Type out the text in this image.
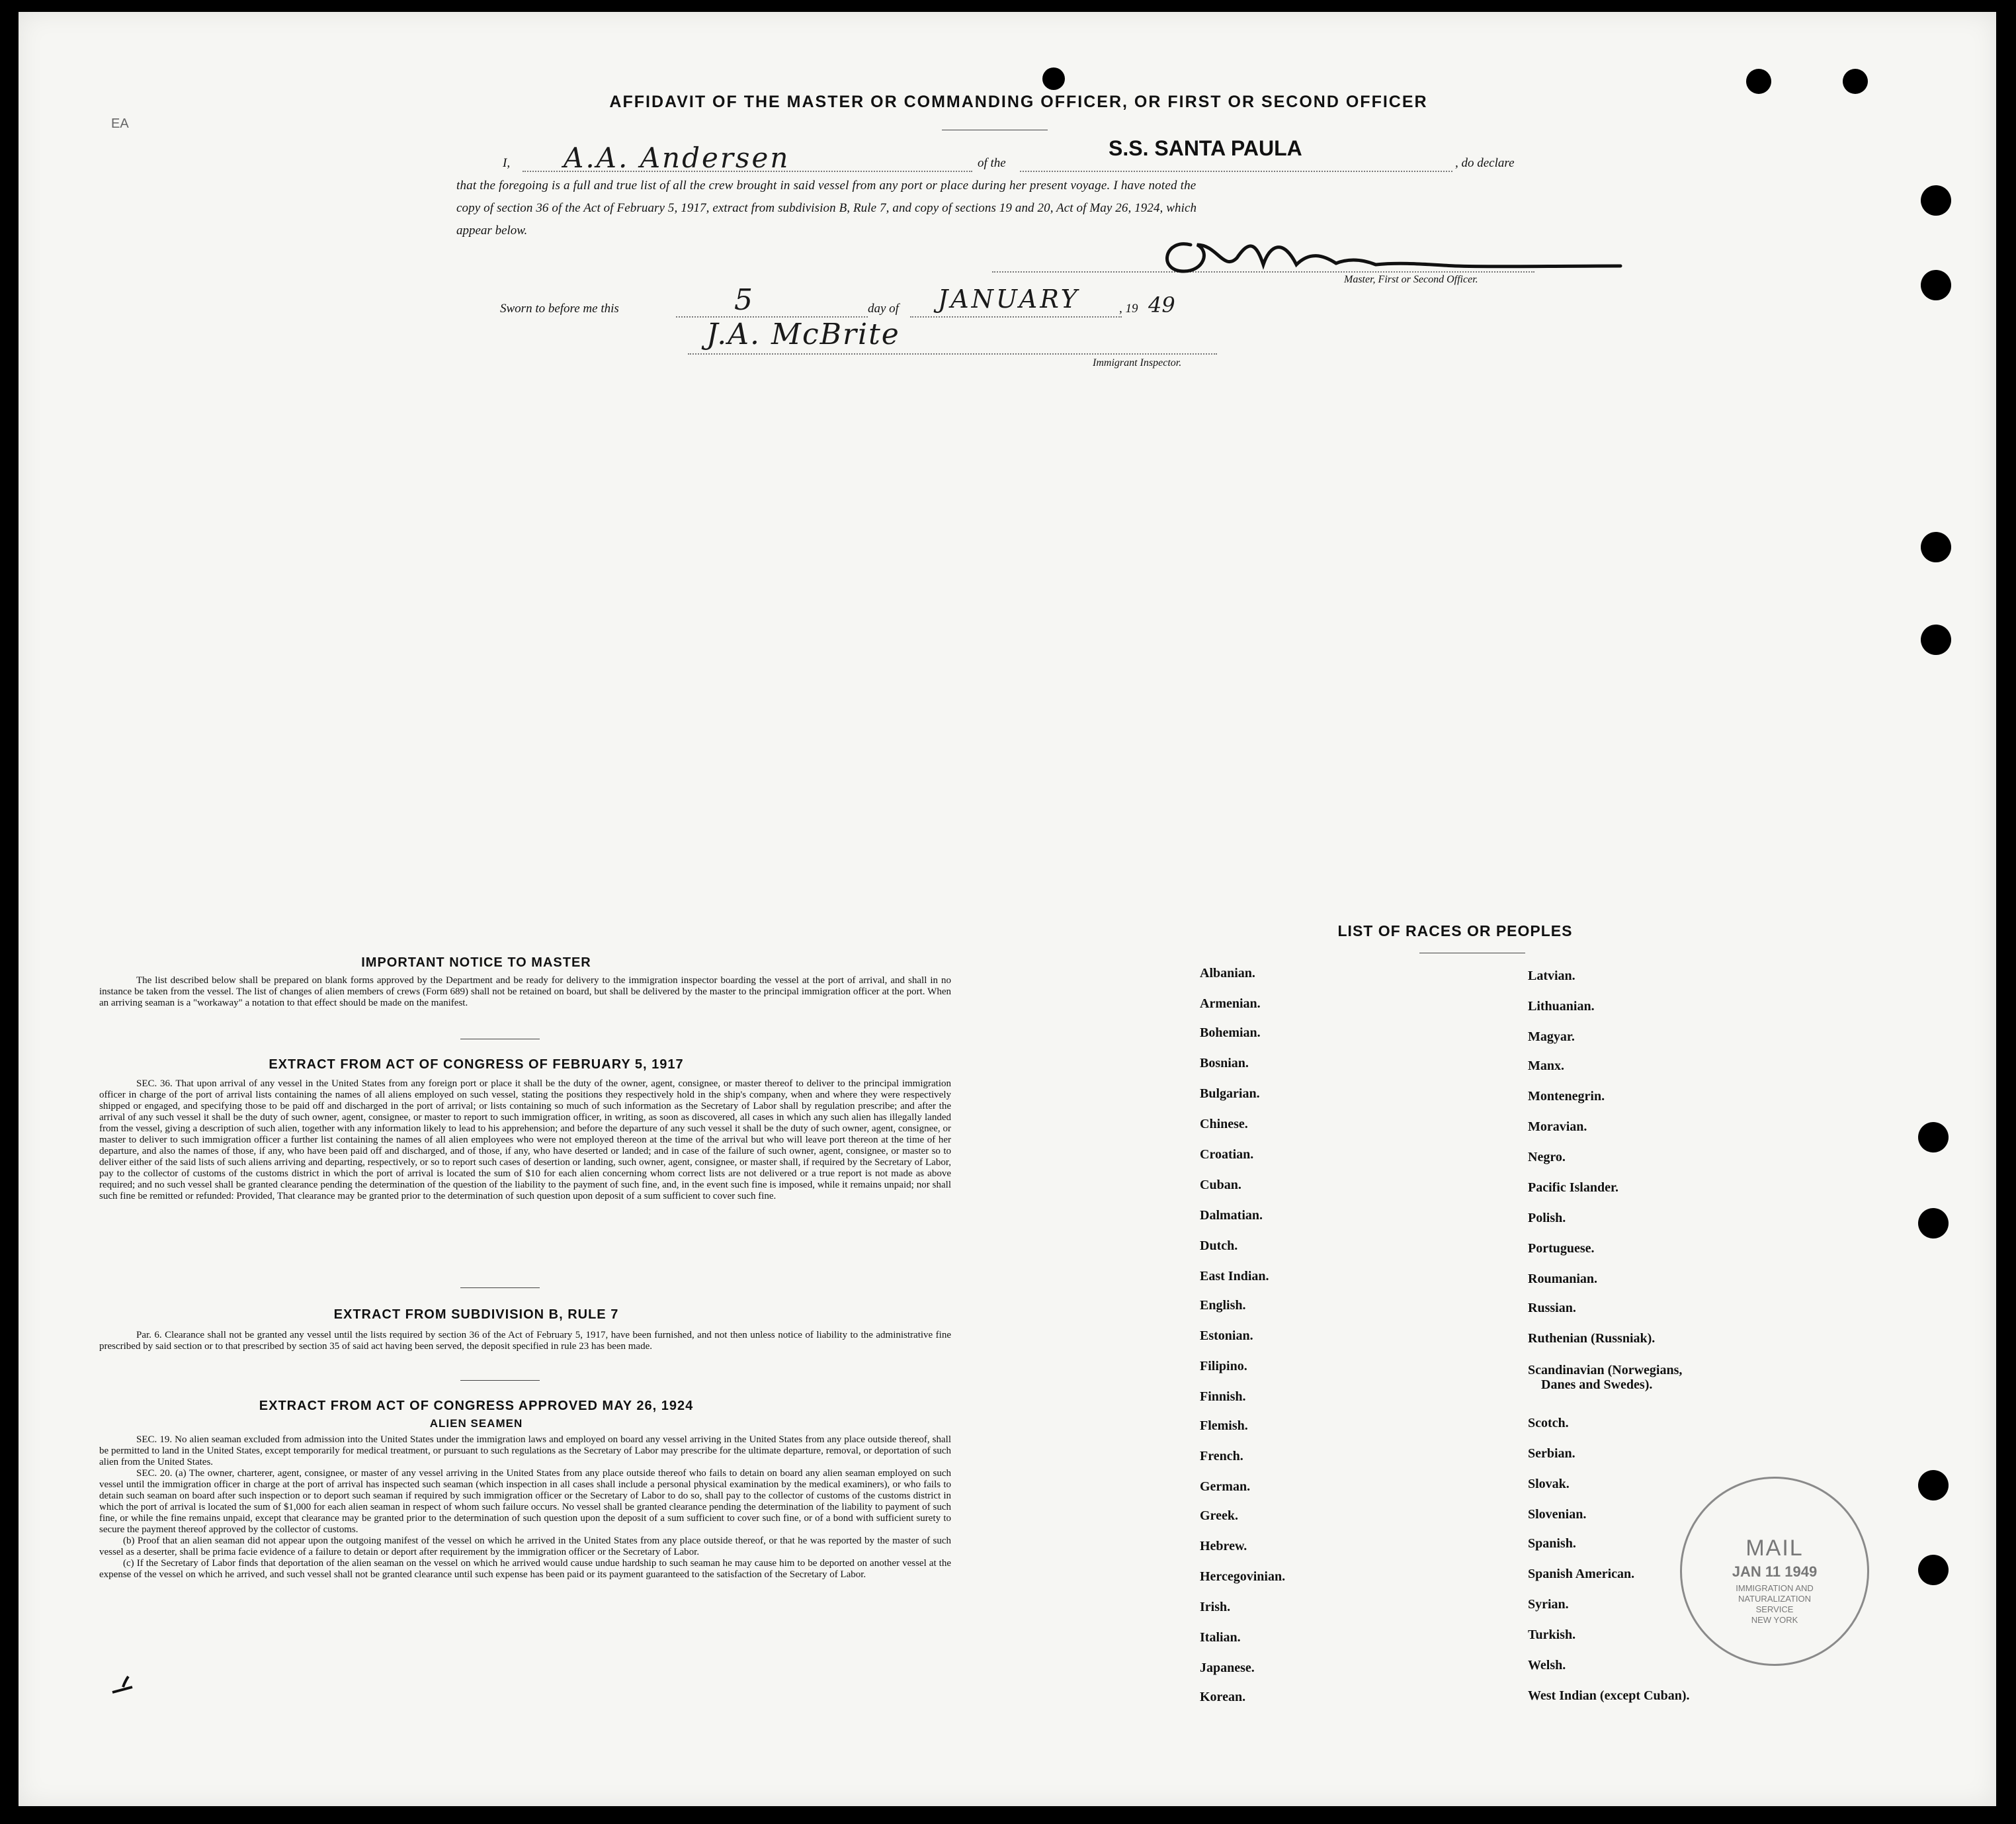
EA
AFFIDAVIT OF THE MASTER OR COMMANDING OFFICER, OR FIRST OR SECOND OFFICER
I, A.A. Andersen	of the
S.S. SANTA PAULA
, do declare
that the foregoing is a full and true list of all the crew brought in said vessel from any port or place during her present voyage. I have noted the
copy of section 36 of the Act of February 5, 1917, extract from subdivision B, Rule 7, and copy of sections 19 and 20, Act of May 26, 1924, which
appear below.
Master, First or Second Officer.
Sworn to before me this	5	day of JANUARY	, 19 49
J.A. McBrite
Immigrant Inspector.
IMPORTANT NOTICE TO MASTER
The list described below shall be prepared on blank forms approved by the Department and be ready for delivery to the immigration inspector boarding the vessel at the port of arrival, and shall in no instance be taken from the vessel. The list of changes of alien members of crews (Form 689) shall not be retained on board, but shall be delivered by the master to the principal immigration officer at the port. When an arriving seaman is a "workaway" a notation to that effect should be made on the manifest.
EXTRACT FROM ACT OF CONGRESS OF FEBRUARY 5, 1917
SEC. 36. That upon arrival of any vessel in the United States from any foreign port or place it shall be the duty of the owner, agent, consignee, or master thereof to deliver to the principal immigration officer in charge of the port of arrival lists containing the names of all aliens employed on such vessel, stating the positions they respectively hold in the ship's company, when and where they were respectively shipped or engaged, and specifying those to be paid off and discharged in the port of arrival; or lists containing so much of such information as the Secretary of Labor shall by regulation prescribe; and after the arrival of any such vessel it shall be the duty of such owner, agent, consignee, or master to report to such immigration officer, in writing, as soon as discovered, all cases in which any such alien has illegally landed from the vessel, giving a description of such alien, together with any information likely to lead to his apprehension; and before the departure of any such vessel it shall be the duty of such owner, agent, consignee, or master to deliver to such immigration officer a further list containing the names of all alien employees who were not employed thereon at the time of the arrival but who will leave port thereon at the time of her departure, and also the names of those, if any, who have been paid off and discharged, and of those, if any, who have deserted or landed; and in case of the failure of such owner, agent, consignee, or master so to deliver either of the said lists of such aliens arriving and departing, respectively, or so to report such cases of desertion or landing, such owner, agent, consignee, or master shall, if required by the Secretary of Labor, pay to the collector of customs of the customs district in which the port of arrival is located the sum of $10 for each alien concerning whom correct lists are not delivered or a true report is not made as above required; and no such vessel shall be granted clearance pending the determination of the question of the liability to the payment of such fine, and, in the event such fine is imposed, while it remains unpaid; nor shall such fine be remitted or refunded: Provided, That clearance may be granted prior to the determination of such question upon deposit of a sum sufficient to cover such fine.
EXTRACT FROM SUBDIVISION B, RULE 7
Par. 6. Clearance shall not be granted any vessel until the lists required by section 36 of the Act of February 5, 1917, have been furnished, and not then unless notice of liability to the administrative fine prescribed by said section or to that prescribed by section 35 of said act having been served, the deposit specified in rule 23 has been made.
EXTRACT FROM ACT OF CONGRESS APPROVED MAY 26, 1924
ALIEN SEAMEN
SEC. 19. No alien seaman excluded from admission into the United States under the immigration laws and employed on board any vessel arriving in the United States from any place outside thereof, shall be permitted to land in the United States, except temporarily for medical treatment, or pursuant to such regulations as the Secretary of Labor may prescribe for the ultimate departure, removal, or deportation of such alien from the United States.
SEC. 20. (a) The owner, charterer, agent, consignee, or master of any vessel arriving in the United States from any place outside thereof who fails to detain on board any alien seaman employed on such vessel until the immigration officer in charge at the port of arrival has inspected such seaman (which inspection in all cases shall include a personal physical examination by the medical examiners), or who fails to detain such seaman on board after such inspection or to deport such seaman if required by such immigration officer or the Secretary of Labor to do so, shall pay to the collector of customs of the customs district in which the port of arrival is located the sum of $1,000 for each alien seaman in respect of whom such failure occurs. No vessel shall be granted clearance pending the determination of the liability to payment of such fine, or while the fine remains unpaid, except that clearance may be granted prior to the determination of such question upon the deposit of a sum sufficient to cover such fine, or of a bond with sufficient surety to secure the payment thereof approved by the collector of customs.
(b) Proof that an alien seaman did not appear upon the outgoing manifest of the vessel on which he arrived in the United States from any place outside thereof, or that he was reported by the master of such vessel as a deserter, shall be prima facie evidence of a failure to detain or deport after requirement by the immigration officer or the Secretary of Labor.
(c) If the Secretary of Labor finds that deportation of the alien seaman on the vessel on which he arrived would cause undue hardship to such seaman he may cause him to be deported on another vessel at the expense of the vessel on which he arrived, and such vessel shall not be granted clearance until such expense has been paid or its payment guaranteed to the satisfaction of the Secretary of Labor.
LIST OF RACES OR PEOPLES
MAIL
JAN 11 1949
IMMIGRATION AND
NATURALIZATION
SERVICE
NEW YORK
Albanian.
Armenian.
Bohemian.
Bosnian.
Bulgarian.
Chinese.
Croatian.
Cuban.
Dalmatian.
Dutch.
East Indian.
English.
Estonian.
Filipino.
Finnish.
Flemish.
French.
German.
Greek.
Hebrew.
Hercegovinian.
Irish.
Italian.
Japanese.
Korean.
Latvian.
Lithuanian.
Magyar.
Manx.
Montenegrin.
Moravian.
Negro.
Pacific Islander.
Polish.
Portuguese.
Roumanian.
Russian.
Ruthenian (Russniak).
Scandinavian (Norwegians,
Danes and Swedes).
Scotch.
Serbian.
Slovak.
Slovenian.
Spanish.
Spanish American.
Syrian.
Turkish.
Welsh.
West Indian (except Cuban).
